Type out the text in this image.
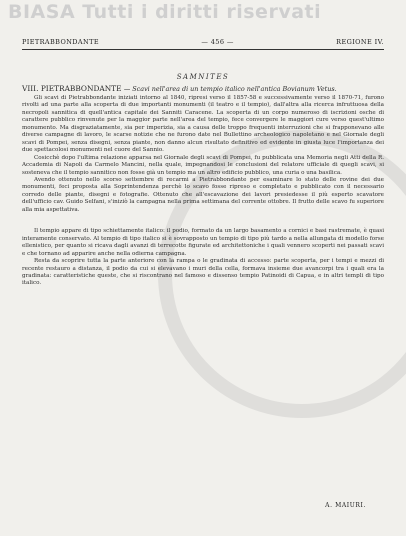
BIASA Tutti i diritti riservati
PIETRABBONDANTE	— 456 —	REGIONE IV.
SAMNITES

VIII. PIETRABBONDANTE — Scavi nell'area di un tempio italico nell'antica Bovianum Vetus.

Gli scavi di Pietrabbondante iniziati intorno al 1840, ripresi verso il 1857-58 e successivamente verso il 1870-71, furono rivolti ad una parte alla scoperta di due importanti monumenti (il teatro e il tempio), dall'altra alla ricerca infruttuosa della necropoli sannitica di quell'antica capitale dei Sanniti Caracene. La scoperta di un corpo numeroso di iscrizioni osche di carattere pubblico rinvenute per la maggior parte nell'area del tempio, fece convergere le maggiori cure verso quest'ultimo monumento. Ma disgraziatamente, sia per imperizia, sia a causa delle troppo frequenti interruzioni che si frapponevano alle diverse campagne di lavoro, le scarse notizie che ne furono date nel Bullettino archeologico napoletano e nel Giornale degli scavi di Pompei, senza disegni, senza piante, non danno alcun risultato definitivo ed evidente in giusta luce l'importanza dei due spettacolosi monumenti nel cuore del Sannio.

Cosicchè dopo l'ultima relazione apparsa nel Giornale degli scavi di Pompei, fu pubblicata una Memoria negli Atti della R. Accademia di Napoli da Carmelo Mancini, nella quale, impegnandosi le conclusioni del relatore ufficiale di quegli scavi, si sosteneva che il tempio sannitico non fosse già un tempio ma un altro edificio pubblico, una curia o una basilica.

Avendo ottenuto nello scorso settembre di recarmi a Pietrabbondante per esaminare lo stato delle rovine dei due monumenti, feci proposta alla Soprintendenza perchè lo scavo fosse ripreso e completato e pubblicato con il necessario corredo delle piante, disegni e fotografie. Ottenuto che all'escavazione dei lavori presiedesse il più esperto scavatore dell'ufficio cav. Guido Selfani, s'iniziò la campagna nella prima settimana del corrente ottobre. Il frutto delle scavo fu superiore alla mia aspettativa.

Il tempio appare di tipo schiettamente italico: il podio, formato da un largo basamento a cornici e basi rastremate, è quasi interamente conservato. Al tempio di tipo italico si è sovrapposto un tempio di tipo più tardo a nella allungata di modello forse ellenistico, per quanto si ricava dagli avanzi di terrecotte figurate ed architettoniche i quali vennero scoperti nei passati scavi e che tornano ad apparire anche nella odierna campagna.

Resta da scoprire tutta la parte anteriore con la rampa o le gradinata di accesso: parte scoperta, per i tempi e mezzi di recente restauro a distanza, il podio da cui si elevavano i muri della cella, formava insieme due avancorpi tra i quali era la gradinata: caratteristiche queste, che si riscontrano nel famoso e dissenso tempio Patinoidi di Capua, e in altri templi di tipo italico.

A. MAIURI.
